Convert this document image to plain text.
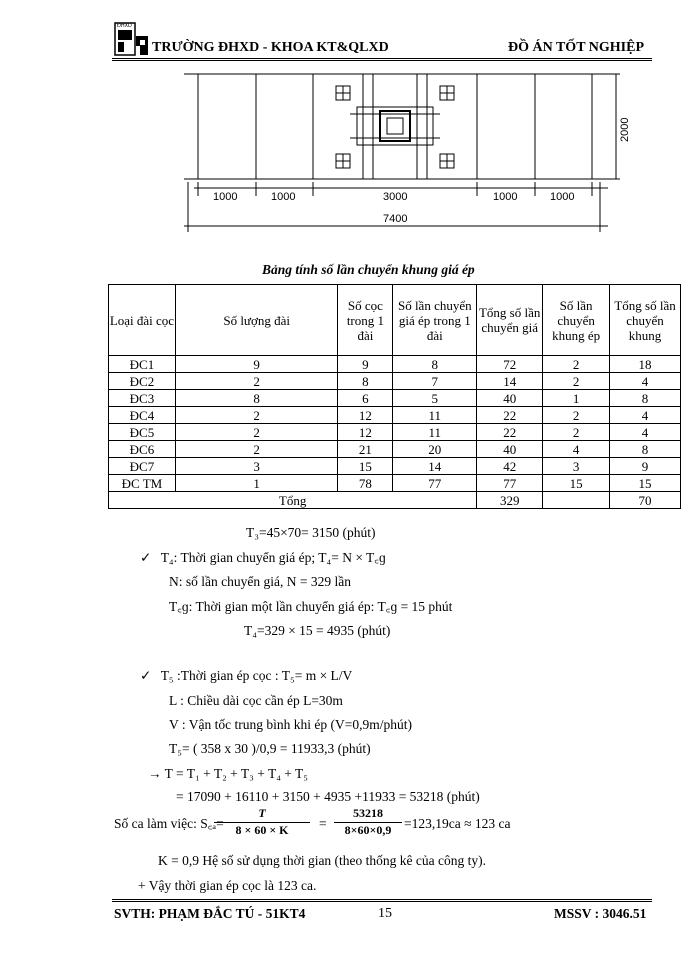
ĐHXD
TRƯỜNG ĐHXD - KHOA KT&QLXD	ĐỒ ÁN TỐT NGHIỆP
2000
1000	1000	3000	1000	1000
7400
Bảng tính số lần chuyển khung giá ép
Loại đài cọc	Số lượng đài	Số cọc trong 1 đài	Số lần chuyển giá ép trong 1 đài	Tổng số lần chuyển giá	Số lần chuyển khung ép	Tổng số lần chuyển khung
ĐC1	9	9	8	72	2	18
ĐC2	2	8	7	14	2	4
ĐC3	8	6	5	40	1	8
ĐC4	2	12	11	22	2	4
ĐC5	2	12	11	22	2	4
ĐC6	2	21	20	40	4	8
ĐC7	3	15	14	42	3	9
ĐC TM	1	78	77	77	15	15
Tổng				329		70
T₃=45×70= 3150 (phút)
✓ T₄: Thời gian chuyển giá ép; T₄= N × T꜀ɡ
N: số lần chuyển giá, N = 329 lần
T꜀ɡ: Thời gian một lần chuyển giá ép: T꜀ɡ = 15 phút
T₄=329 × 15 = 4935 (phút)
✓ T₅ :Thời gian ép cọc : T₅= m × L/V
L : Chiều dài cọc cần ép L=30m
V : Vận tốc trung bình khi ép (V=0,9m/phút)
T₅= ( 358 x 30 )/0,9 = 11933,3 (phút)
→ T = T₁ + T₂ + T₃ + T₄ + T₅
= 17090 + 16110 + 3150 + 4935 +11933 = 53218 (phút)
Số ca làm việc: S꜀ₐ=
$\frac{T}{8 \times 60 \times K} = \frac{53218}{8\times 60\times 0,9} =123,19ca \approx 123$ ca
K = 0,9 Hệ số sử dụng thời gian (theo thống kê của công ty).
+ Vậy thời gian ép cọc là 123 ca.
SVTH: PHẠM ĐẮC TÚ - 51KT4	15	MSSV : 3046.51
